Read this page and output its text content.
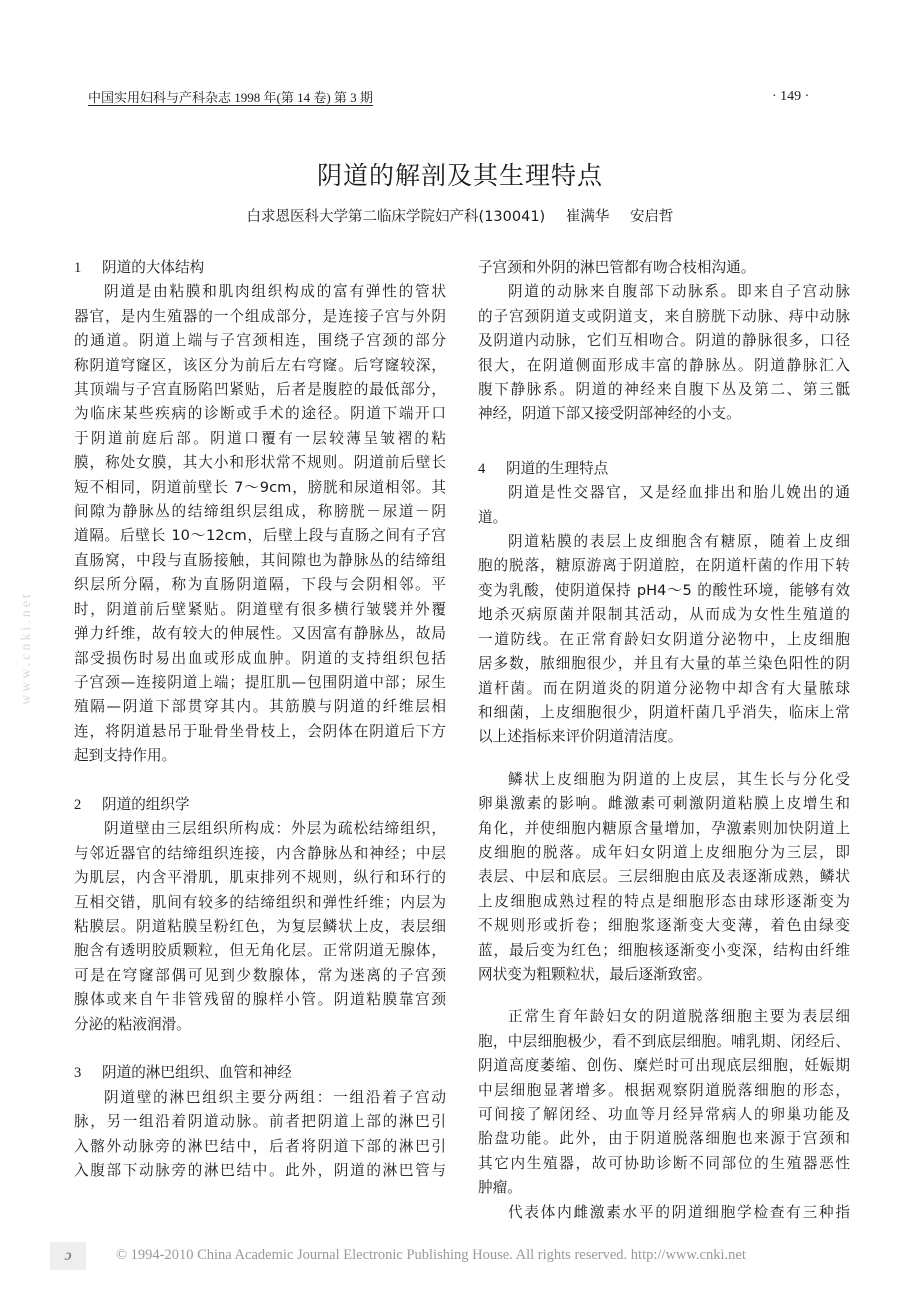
中国实用妇科与产科杂志 1998 年(第 14 卷) 第 3 期	· 149 ·
www.cnki.net
阴道的解剖及其生理特点
白求恩医科大学第二临床学院妇产科(130041) 崔满华 安启哲
1 阴道的大体结构
阴道是由粘膜和肌肉组织构成的富有弹性的管状
器官，是内生殖器的一个组成部分，是连接子宫与外阴
的通道。阴道上端与子宫颈相连，围绕子宫颈的部分
称阴道穹窿区，该区分为前后左右穹窿。后穹窿较深，
其顶端与子宫直肠陷凹紧贴，后者是腹腔的最低部分，
为临床某些疾病的诊断或手术的途径。阴道下端开口
于阴道前庭后部。阴道口覆有一层较薄呈皱褶的粘
膜，称处女膜，其大小和形状常不规则。阴道前后壁长
短不相同，阴道前壁长 7～9cm，膀胱和尿道相邻。其
间隙为静脉丛的结缔组织层组成，称膀胱－尿道－阴
道隔。后壁长 10～12cm，后壁上段与直肠之间有子宫
直肠窝，中段与直肠接触，其间隙也为静脉丛的结缔组
织层所分隔，称为直肠阴道隔，下段与会阴相邻。平
时，阴道前后壁紧贴。阴道壁有很多横行皱襞并外覆
弹力纤维，故有较大的伸展性。又因富有静脉丛，故局
部受损伤时易出血或形成血肿。阴道的支持组织包括
子宫颈—连接阴道上端；提肛肌—包围阴道中部；尿生
殖隔—阴道下部贯穿其内。其筋膜与阴道的纤维层相
连，将阴道悬吊于耻骨坐骨枝上，会阴体在阴道后下方
起到支持作用。
2 阴道的组织学
阴道壁由三层组织所构成：外层为疏松结缔组织，
与邻近器官的结缔组织连接，内含静脉丛和神经；中层
为肌层，内含平滑肌，肌束排列不规则，纵行和环行的
互相交错，肌间有较多的结缔组织和弹性纤维；内层为
粘膜层。阴道粘膜呈粉红色，为复层鳞状上皮，表层细
胞含有透明胶质颗粒，但无角化层。正常阴道无腺体，
可是在穹窿部偶可见到少数腺体，常为迷离的子宫颈
腺体或来自午非管残留的腺样小管。阴道粘膜靠宫颈
分泌的粘液润滑。
3 阴道的淋巴组织、血管和神经
阴道壁的淋巴组织主要分两组：一组沿着子宫动
脉，另一组沿着阴道动脉。前者把阴道上部的淋巴引
入髂外动脉旁的淋巴结中，后者将阴道下部的淋巴引
入腹部下动脉旁的淋巴结中。此外，阴道的淋巴管与
子宫颈和外阴的淋巴管都有吻合枝相沟通。
阴道的动脉来自腹部下动脉系。即来自子宫动脉
的子宫颈阴道支或阴道支，来自膀胱下动脉、痔中动脉
及阴道内动脉，它们互相吻合。阴道的静脉很多，口径
很大，在阴道侧面形成丰富的静脉丛。阴道静脉汇入
腹下静脉系。阴道的神经来自腹下丛及第二、第三骶
神经，阴道下部又接受阴部神经的小支。
4 阴道的生理特点
阴道是性交器官，又是经血排出和胎儿娩出的通
道。
阴道粘膜的表层上皮细胞含有糖原，随着上皮细
胞的脱落，糖原游离于阴道腔，在阴道杆菌的作用下转
变为乳酸，使阴道保持 pH4～5 的酸性环境，能够有效
地杀灭病原菌并限制其活动，从而成为女性生殖道的
一道防线。在正常育龄妇女阴道分泌物中，上皮细胞
居多数，脓细胞很少，并且有大量的革兰染色阳性的阴
道杆菌。而在阴道炎的阴道分泌物中却含有大量脓球
和细菌，上皮细胞很少，阴道杆菌几乎消失，临床上常
以上述指标来评价阴道清洁度。
鳞状上皮细胞为阴道的上皮层，其生长与分化受
卵巢激素的影响。雌激素可刺激阴道粘膜上皮增生和
角化，并使细胞内糖原含量增加，孕激素则加快阴道上
皮细胞的脱落。成年妇女阴道上皮细胞分为三层，即
表层、中层和底层。三层细胞由底及表逐渐成熟，鳞状
上皮细胞成熟过程的特点是细胞形态由球形逐渐变为
不规则形或折卷；细胞浆逐渐变大变薄，着色由绿变
蓝，最后变为红色；细胞核逐渐变小变深，结构由纤维
网状变为粗颗粒状，最后逐渐致密。
正常生育年龄妇女的阴道脱落细胞主要为表层细
胞，中层细胞极少，看不到底层细胞。哺乳期、闭经后、
阴道高度萎缩、创伤、糜烂时可出现底层细胞，妊娠期
中层细胞显著增多。根据观察阴道脱落细胞的形态，
可间接了解闭经、功血等月经异常病人的卵巢功能及
胎盘功能。此外，由于阴道脱落细胞也来源于宫颈和
其它内生殖器，故可协助诊断不同部位的生殖器恶性
肿瘤。
代表体内雌激素水平的阴道细胞学检查有三种指
ɔ	© 1994-2010 China Academic Journal Electronic Publishing House. All rights reserved. http://www.cnki.net
